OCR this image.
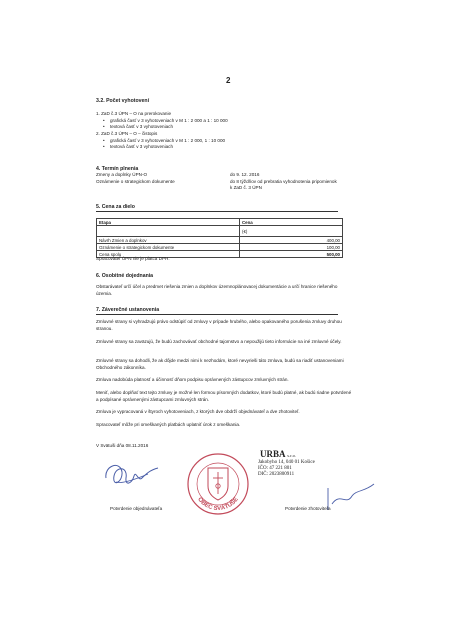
2
3.2. Počet vyhotovení
1. ZaD č.3 ÚPN – O na prerokovanie
• grafická časť v 3 vyhotoveniach v M 1 : 2 000 a 1 : 10 000
• textová časť v 3 vyhotoveniach
2. ZaD č.3 ÚPN – O – čistopis
• grafická časť v 3 vyhotoveniach v M 1 : 2 000, 1 : 10 000
• textová časť v 3 vyhotoveniach
4. Termín plnenia
Zmeny a doplnky ÚPN-O	do 9. 12. 2016
Oznámenie o strategickom dokumente	do 8 týždňov od prebratia vyhodnotenia pripomienok
k ZaD č. 3 ÚPN
5. Cena za dielo
Etapa	Cena
	(€)
Návrh Zmien a doplnkov	400,00
Oznámenie o strategickom dokumente	100,00
Cena spolu	500,00
Spracovateľ ÚPN nie je platca DPH.
6. Osobitné dojednania
Obstarávateľ určí účel a predmet riešenia zmien a doplnkov územnoplánovacej dokumentácie a určí hranice riešeného územia.
7. Záverečné ustanovenia
Zmluvné strany si vyhradzujú právo odstúpiť od zmluvy v prípade hrubého, alebo opakovaného porušenia zmluvy druhou stranou.
Zmluvné strany sa zaväzujú, že budú zachovávať obchodné tajomstvo a nepoužijú tieto informácie na iné zmluvné účely.
Zmluvné strany sa dohodli, že ak dôjde medzi nimi k nezhodám, ktoré nevyrieši táto zmluva, budú sa riadiť ustanoveniami Obchodného zákonníka.
Zmluva nadobúda platnosť a účinnosť dňom podpisu oprávnených zástupcov zmluvných strán.
Meniť, alebo doplňať text tejto zmluvy je možné len formou písomných dodatkov, ktoré budú platné, ak budú riadne potvrdené a podpísané oprávnenými zástupcami zmluvných strán.
Zmluva je vypracovaná v štyroch vyhotoveniach, z ktorých dve obdrží objednávateľ a dve zhotoviteľ.
Spracovateľ môže pri omeškaných platbách uplatniť úrok z omeškania.
V Svätuši dňa 08.11.2016
OBEC SVÄTUŠE
Potvrdenie objednávateľa
URBA s.r.o.
Jakobyho 14, 040 01 Košice
IČO: 47 221 801
DIČ: 2023800911
Potvrdenie zhotoviteľa
